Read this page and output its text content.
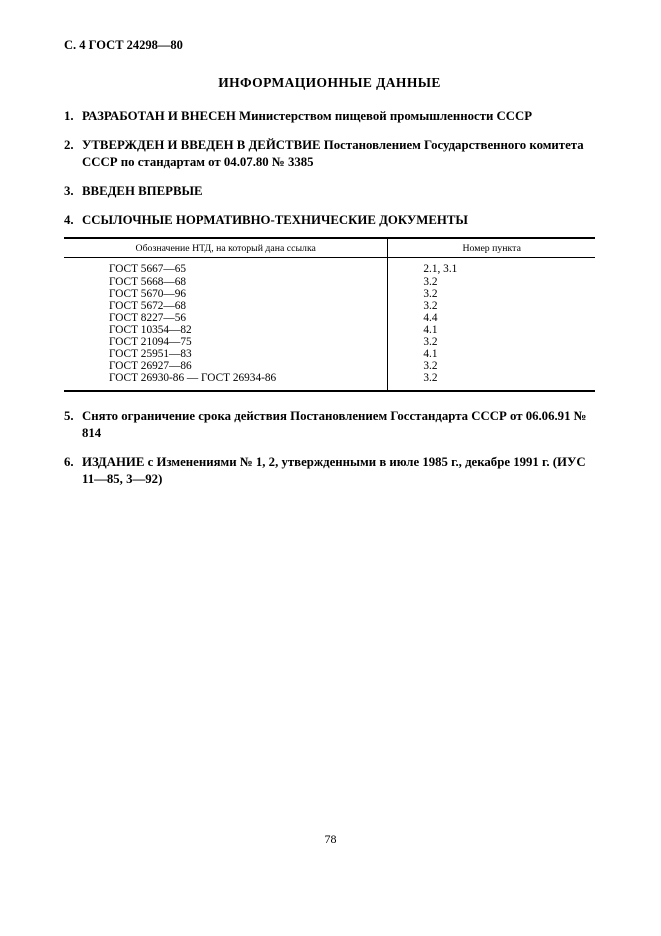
С. 4 ГОСТ 24298—80
ИНФОРМАЦИОННЫЕ ДАННЫЕ
1. РАЗРАБОТАН И ВНЕСЕН Министерством пищевой промышленности СССР
2. УТВЕРЖДЕН И ВВЕДЕН В ДЕЙСТВИЕ Постановлением Государственного комитета СССР по стандартам от 04.07.80 № 3385
3. ВВЕДЕН ВПЕРВЫЕ
4. ССЫЛОЧНЫЕ НОРМАТИВНО-ТЕХНИЧЕСКИЕ ДОКУМЕНТЫ
Обозначение НТД, на который дана ссылка	Номер пункта
ГОСТ 5667—65	2.1, 3.1
ГОСТ 5668—68	3.2
ГОСТ 5670—96	3.2
ГОСТ 5672—68	3.2
ГОСТ 8227—56	4.4
ГОСТ 10354—82	4.1
ГОСТ 21094—75	3.2
ГОСТ 25951—83	4.1
ГОСТ 26927—86	3.2
ГОСТ 26930-86 — ГОСТ 26934-86	3.2
5. Снято ограничение срока действия Постановлением Госстандарта СССР от 06.06.91 № 814
6. ИЗДАНИЕ с Изменениями № 1, 2, утвержденными в июле 1985 г., декабре 1991 г. (ИУС 11—85, 3—92)
78
